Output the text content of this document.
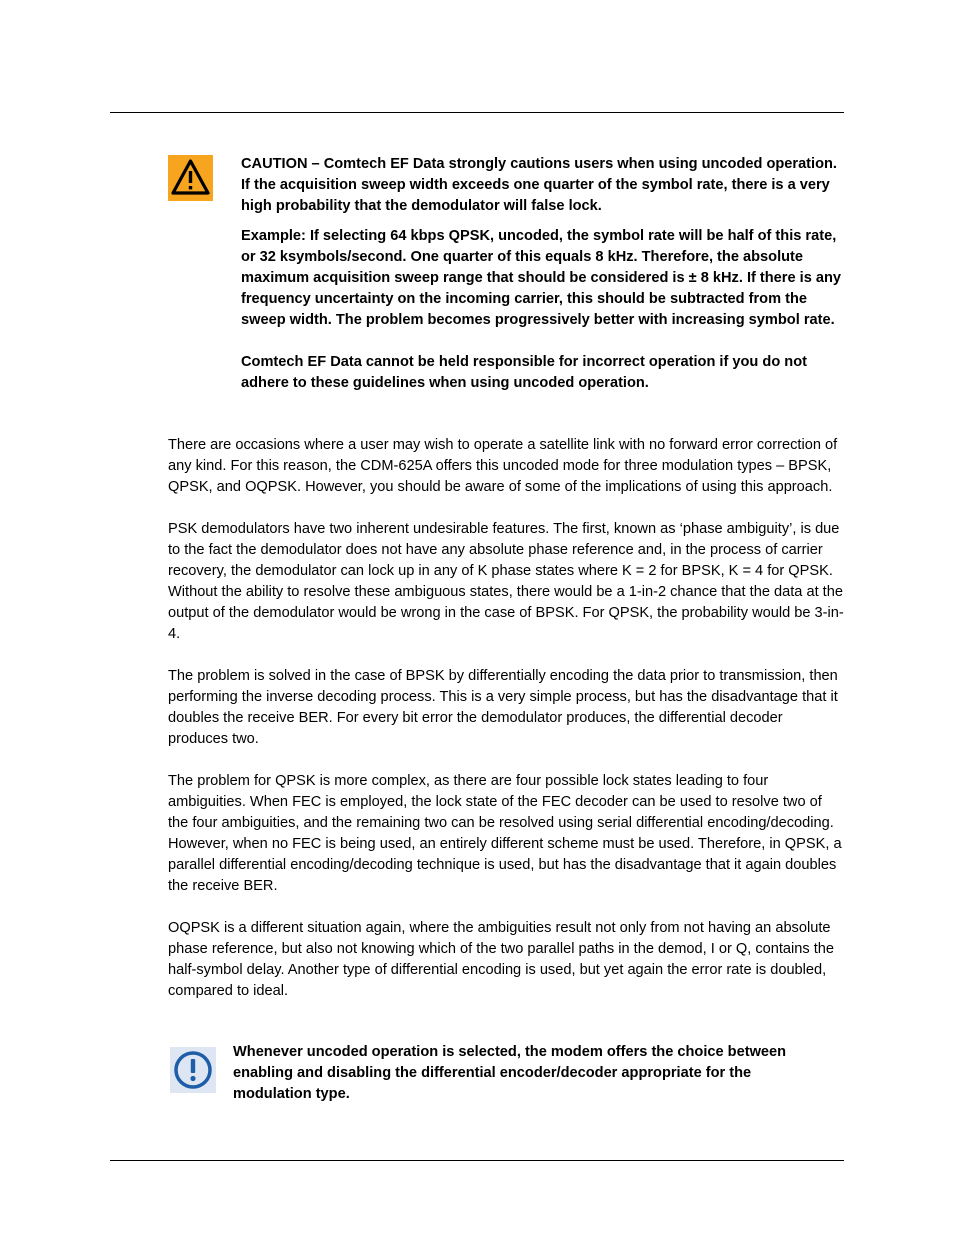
CAUTION – Comtech EF Data strongly cautions users when using uncoded operation. If the acquisition sweep width exceeds one quarter of the symbol rate, there is a very high probability that the demodulator will false lock.

Example: If selecting 64 kbps QPSK, uncoded, the symbol rate will be half of this rate, or 32 ksymbols/second. One quarter of this equals 8 kHz. Therefore, the absolute maximum acquisition sweep range that should be considered is ± 8 kHz. If there is any frequency uncertainty on the incoming carrier, this should be subtracted from the sweep width. The problem becomes progressively better with increasing symbol rate.

Comtech EF Data cannot be held responsible for incorrect operation if you do not adhere to these guidelines when using uncoded operation.

There are occasions where a user may wish to operate a satellite link with no forward error correction of any kind. For this reason, the CDM-625A offers this uncoded mode for three modulation types – BPSK, QPSK, and OQPSK. However, you should be aware of some of the implications of using this approach.

PSK demodulators have two inherent undesirable features. The first, known as ‘phase ambiguity’, is due to the fact the demodulator does not have any absolute phase reference and, in the process of carrier recovery, the demodulator can lock up in any of K phase states where K = 2 for BPSK, K = 4 for QPSK. Without the ability to resolve these ambiguous states, there would be a 1-in-2 chance that the data at the output of the demodulator would be wrong in the case of BPSK. For QPSK, the probability would be 3-in-4.

The problem is solved in the case of BPSK by differentially encoding the data prior to transmission, then performing the inverse decoding process. This is a very simple process, but has the disadvantage that it doubles the receive BER. For every bit error the demodulator produces, the differential decoder produces two.

The problem for QPSK is more complex, as there are four possible lock states leading to four ambiguities. When FEC is employed, the lock state of the FEC decoder can be used to resolve two of the four ambiguities, and the remaining two can be resolved using serial differential encoding/decoding. However, when no FEC is being used, an entirely different scheme must be used. Therefore, in QPSK, a parallel differential encoding/decoding technique is used, but has the disadvantage that it again doubles the receive BER.

OQPSK is a different situation again, where the ambiguities result not only from not having an absolute phase reference, but also not knowing which of the two parallel paths in the demod, I or Q, contains the half-symbol delay. Another type of differential encoding is used, but yet again the error rate is doubled, compared to ideal.

Whenever uncoded operation is selected, the modem offers the choice between enabling and disabling the differential encoder/decoder appropriate for the modulation type.
